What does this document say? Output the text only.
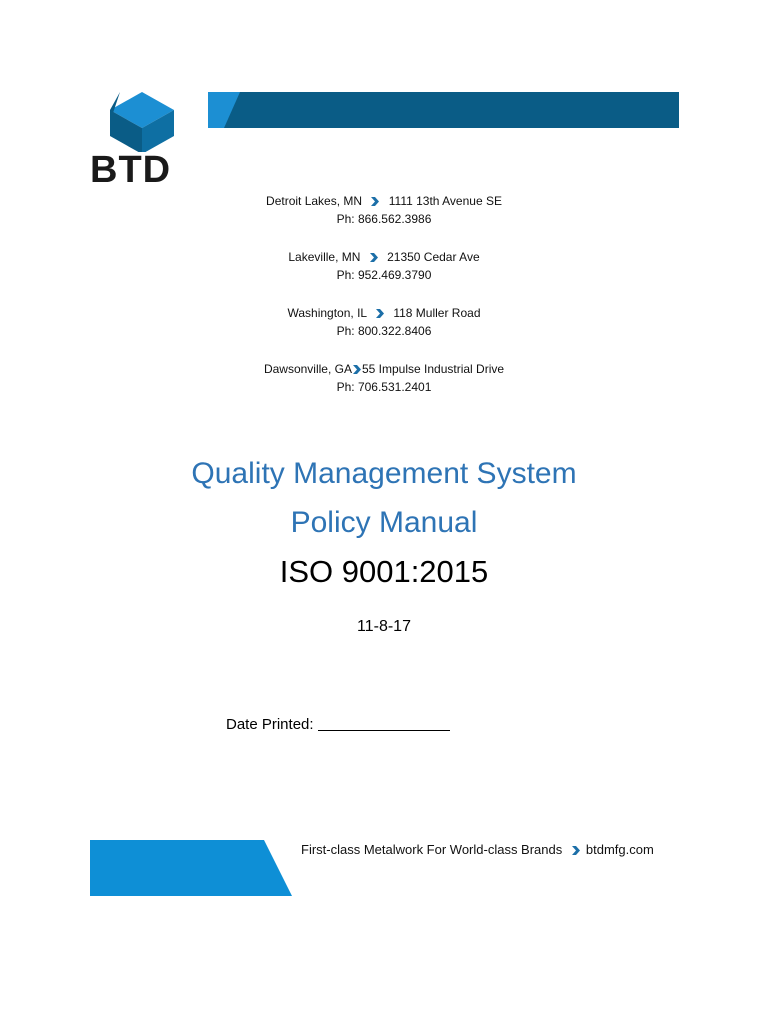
BTD
Detroit Lakes, MN 1111 13th Avenue SE
Ph: 866.562.3986
Lakeville, MN 21350 Cedar Ave
Ph: 952.469.3790
Washington, IL 118 Muller Road
Ph: 800.322.8406
Dawsonville, GA 55 Impulse Industrial Drive
Ph: 706.531.2401
Quality Management System
Policy Manual
ISO 9001:2015
11-8-17
Date Printed:
First-class Metalwork For World-class Brands btdmfg.com
